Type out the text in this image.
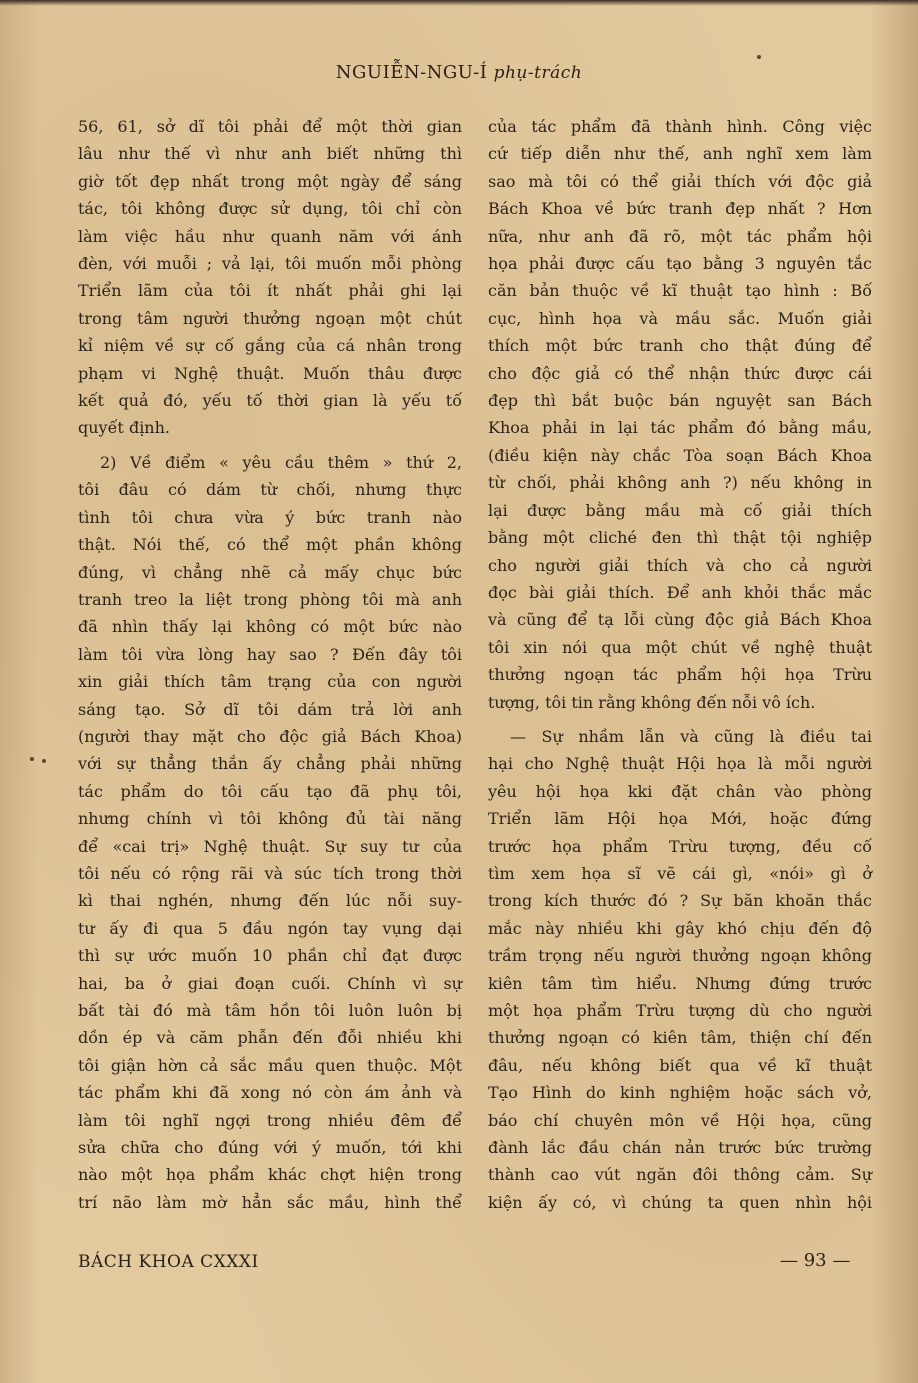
NGUIỄN-NGU-Í phụ-trách

56, 61, sở dĩ tôi phải để một thời gian

lâu như thế vì như anh biết những thì

giờ tốt đẹp nhất trong một ngày để sáng

tác, tôi không được sử dụng, tôi chỉ còn

làm việc hầu như quanh năm với ánh

đèn, với muỗi ; vả lại, tôi muốn mỗi phòng

Triển lãm của tôi ít nhất phải ghi lại

trong tâm người thưởng ngoạn một chút

kỉ niệm về sự cố gắng của cá nhân trong

phạm vi Nghệ thuật. Muốn thâu được

kết quả đó, yếu tố thời gian là yếu tố

quyết định.

2) Về điểm « yêu cầu thêm » thứ 2,

tôi đâu có dám từ chối, nhưng thực

tình tôi chưa vừa ý bức tranh nào

thật. Nói thế, có thể một phần không

đúng, vì chẳng nhẽ cả mấy chục bức

tranh treo la liệt trong phòng tôi mà anh

đã nhìn thấy lại không có một bức nào

làm tôi vừa lòng hay sao ? Đến đây tôi

xin giải thích tâm trạng của con người

sáng tạo. Sở dĩ tôi dám trả lời anh

(người thay mặt cho độc giả Bách Khoa)

với sự thẳng thắn ấy chẳng phải những

tác phẩm do tôi cấu tạo đã phụ tôi,

nhưng chính vì tôi không đủ tài năng

để «cai trị» Nghệ thuật. Sự suy tư của

tôi nếu có rộng rãi và súc tích trong thời

kì thai nghén, nhưng đến lúc nỗi suy-

tư ấy đi qua 5 đầu ngón tay vụng dại

thì sự ước muốn 10 phần chỉ đạt được

hai, ba ở giai đoạn cuối. Chính vì sự

bất tài đó mà tâm hồn tôi luôn luôn bị

dồn ép và căm phẫn đến đỗi nhiều khi

tôi giận hờn cả sắc mầu quen thuộc. Một

tác phẩm khi đã xong nó còn ám ảnh và

làm tôi nghĩ ngợi trong nhiều đêm để

sửa chữa cho đúng với ý muốn, tới khi

nào một họa phẩm khác chợt hiện trong

trí não làm mờ hẳn sắc mầu, hình thể

của tác phẩm đã thành hình. Công việc

cứ tiếp diễn như thế, anh nghĩ xem làm

sao mà tôi có thể giải thích với độc giả

Bách Khoa về bức tranh đẹp nhất ? Hơn

nữa, như anh đã rõ, một tác phẩm hội

họa phải được cấu tạo bằng 3 nguyên tắc

căn bản thuộc về kĩ thuật tạo hình : Bố

cục, hình họa và mầu sắc. Muốn giải

thích một bức tranh cho thật đúng để

cho độc giả có thể nhận thức được cái

đẹp thì bắt buộc bán nguyệt san Bách

Khoa phải in lại tác phẩm đó bằng mầu,

(điều kiện này chắc Tòa soạn Bách Khoa

từ chối, phải không anh ?) nếu không in

lại được bằng mầu mà cố giải thích

bằng một cliché đen thì thật tội nghiệp

cho người giải thích và cho cả người

đọc bài giải thích. Để anh khỏi thắc mắc

và cũng để tạ lỗi cùng độc giả Bách Khoa

tôi xin nói qua một chút về nghệ thuật

thưởng ngoạn tác phẩm hội họa Trừu

tượng, tôi tin rằng không đến nỗi vô ích.

— Sự nhầm lẫn và cũng là điều tai

hại cho Nghệ thuật Hội họa là mỗi người

yêu hội họa kki đặt chân vào phòng

Triển lãm Hội họa Mới, hoặc đứng

trước họa phẩm Trừu tượng, đều cố

tìm xem họa sĩ vẽ cái gì, «nói» gì ở

trong kích thước đó ? Sự băn khoăn thắc

mắc này nhiều khi gây khó chịu đến độ

trầm trọng nếu người thưởng ngoạn không

kiên tâm tìm hiểu. Nhưng đứng trước

một họa phẩm Trừu tượng dù cho người

thưởng ngoạn có kiên tâm, thiện chí đến

đâu, nếu không biết qua về kĩ thuật

Tạo Hình do kinh nghiệm hoặc sách vở,

báo chí chuyên môn về Hội họa, cũng

đành lắc đầu chán nản trước bức trường

thành cao vút ngăn đôi thông cảm. Sự

kiện ấy có, vì chúng ta quen nhìn hội

BÁCH KHOA CXXXI	— 93 —
